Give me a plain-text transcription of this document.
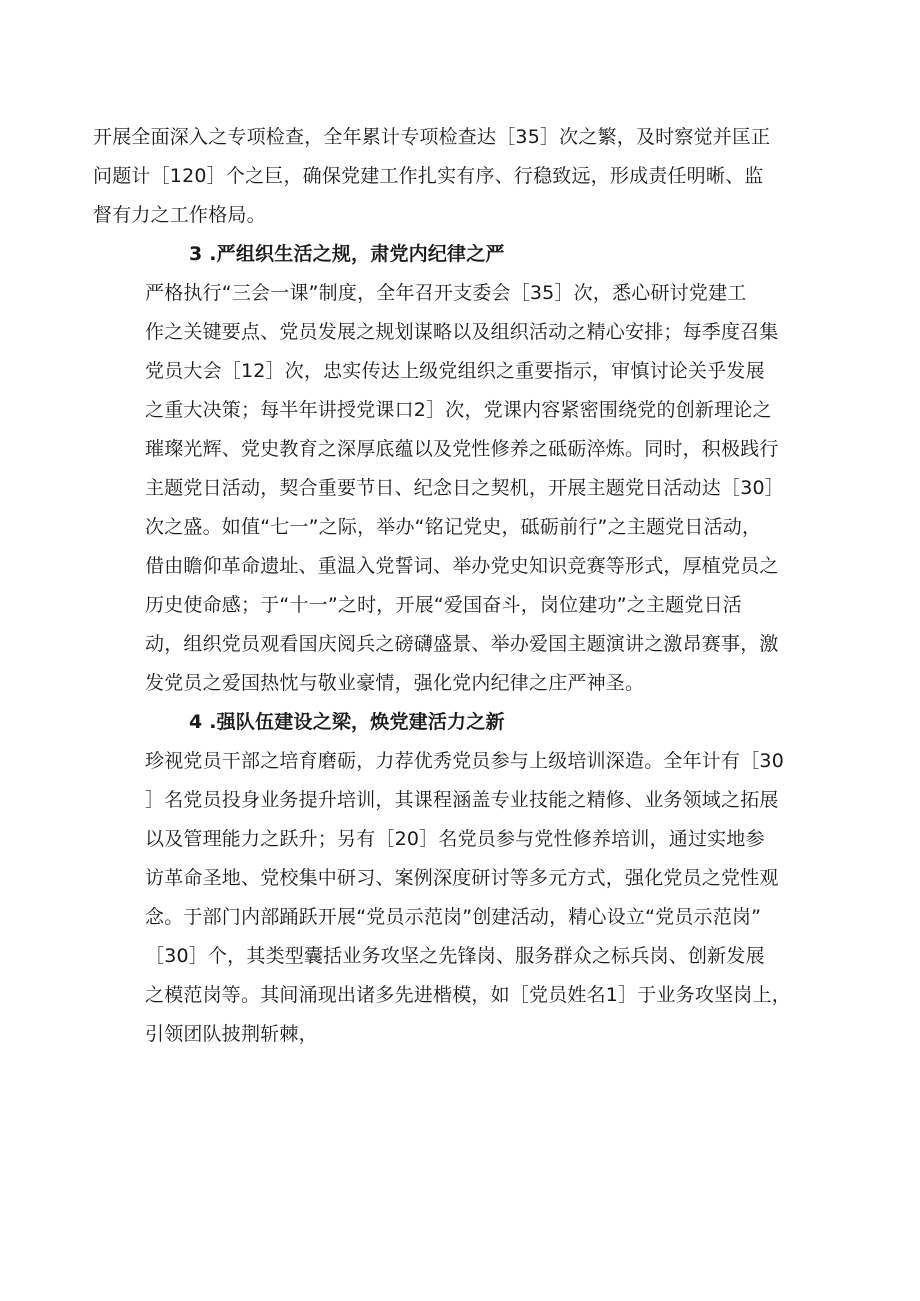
开展全面深入之专项检查，全年累计专项检查达［35］次之繁，及时察觉并匡正
问题计［120］个之巨，确保党建工作扎实有序、行稳致远，形成责任明晰、监
督有力之工作格局。
3 .严组织生活之规，肃党内纪律之严
严格执行“三会一课”制度，全年召开支委会［35］次，悉心研讨党建工
作之关键要点、党员发展之规划谋略以及组织活动之精心安排；每季度召集
党员大会［12］次，忠实传达上级党组织之重要指示，审慎讨论关乎发展
之重大决策；每半年讲授党课口2］次，党课内容紧密围绕党的创新理论之
璀璨光辉、党史教育之深厚底蕴以及党性修养之砥砺淬炼。同时，积极践行
主题党日活动，契合重要节日、纪念日之契机，开展主题党日活动达［30］
次之盛。如值“七一”之际，举办“铭记党史，砥砺前行”之主题党日活动，
借由瞻仰革命遗址、重温入党誓词、举办党史知识竞赛等形式，厚植党员之
历史使命感；于“十一”之时，开展“爱国奋斗，岗位建功”之主题党日活
动，组织党员观看国庆阅兵之磅礴盛景、举办爱国主题演讲之激昂赛事，激
发党员之爱国热忱与敬业豪情，强化党内纪律之庄严神圣。
4 .强队伍建设之梁，焕党建活力之新
珍视党员干部之培育磨砺，力荐优秀党员参与上级培训深造。全年计有［30
］名党员投身业务提升培训，其课程涵盖专业技能之精修、业务领域之拓展
以及管理能力之跃升；另有［20］名党员参与党性修养培训，通过实地参
访革命圣地、党校集中研习、案例深度研讨等多元方式，强化党员之党性观
念。于部门内部踊跃开展“党员示范岗”创建活动，精心设立“党员示范岗”
［30］个，其类型囊括业务攻坚之先锋岗、服务群众之标兵岗、创新发展
之模范岗等。其间涌现出诸多先进楷模，如［党员姓名1］于业务攻坚岗上，
引领团队披荆斩棘，
